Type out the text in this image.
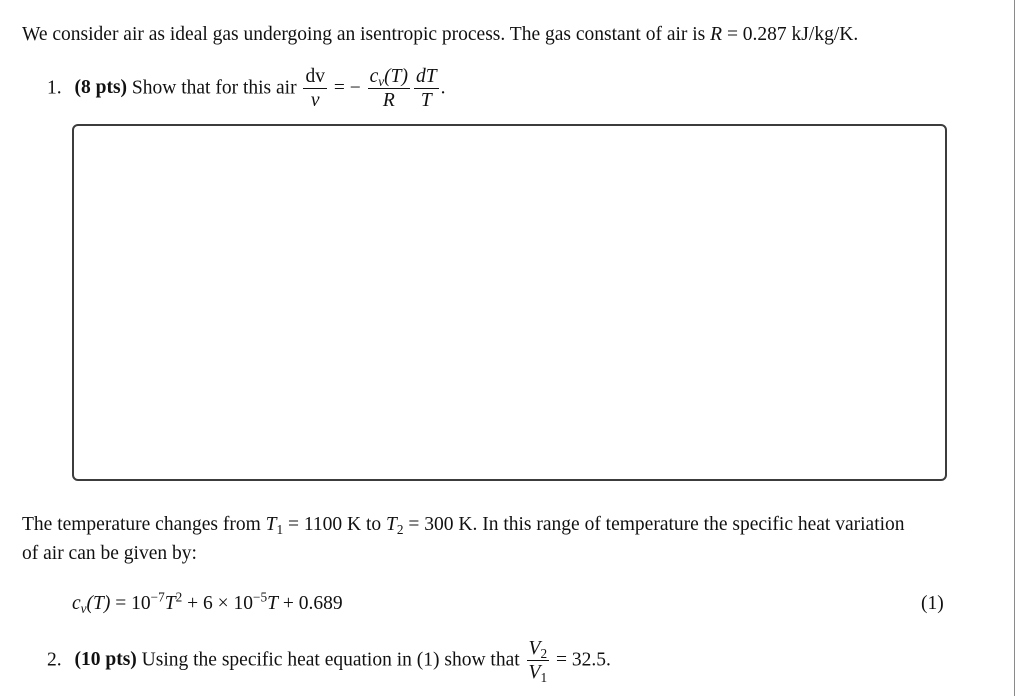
We consider air as ideal gas undergoing an isentropic process. The gas constant of air is R = 0.287 kJ/kg/K.
1. (8 pts) Show that for this air $\frac{dv}{v}$ = − $\frac{c_v(T)}{R} \frac{dT}{T}$ .
The temperature changes from $T_1 = 1100$ K to $T_2 = 300$ K. In this range of temperature the specific heat variation
of air can be given by:
$c_v(T) = 10^{-7}T^2 + 6 \times 10^{-5}T + 0.689$	(1)
2. (10 pts) Using the specific heat equation in (1) show that $\frac{V_2}{V_1} = 32.5$.
